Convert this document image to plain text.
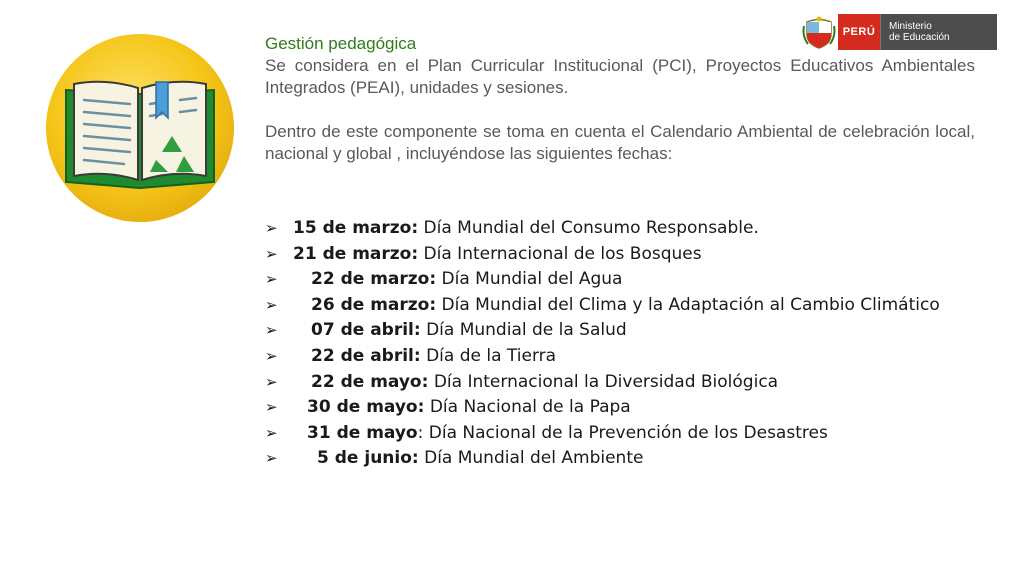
PERÚ	Ministerio
de Educación
Gestión pedagógica

Se considera en el Plan Curricular Institucional (PCI), Proyectos Educativos Ambientales Integrados (PEAI), unidades y sesiones.

Dentro de este componente se toma en cuenta el Calendario Ambiental de celebración local, nacional y global , incluyéndose las siguientes fechas:

➢ 15 de marzo: Día Mundial del Consumo Responsable.
➢ 21 de marzo: Día Internacional de los Bosques
➢	22 de marzo: Día Mundial del Agua
➢	26 de marzo: Día Mundial del Clima y la Adaptación al Cambio Climático
➢	07 de abril: Día Mundial de la Salud
➢	22 de abril: Día de la Tierra
➢	22 de mayo: Día Internacional la Diversidad Biológica
➢	30 de mayo: Día Nacional de la Papa
➢	31 de mayo: Día Nacional de la Prevención de los Desastres
➢	5 de junio: Día Mundial del Ambiente
